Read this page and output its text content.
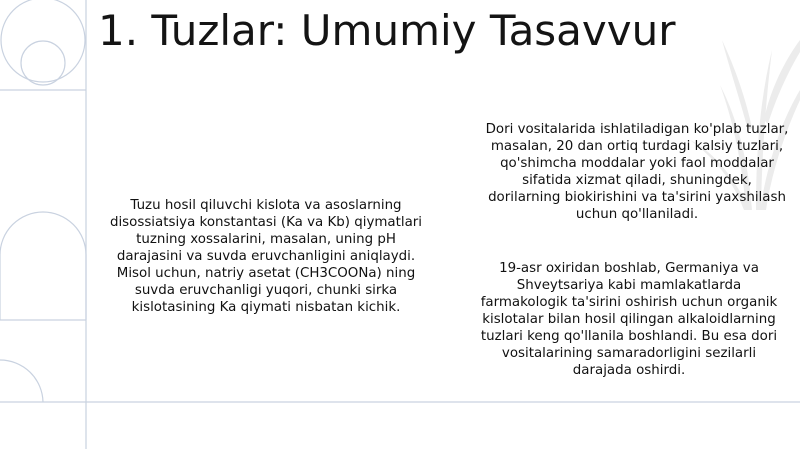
1. Tuzlar: Umumiy Tasavvur
Tuzu hosil qiluvchi kislota va asoslarning
disossiatsiya konstantasi (Ka va Kb) qiymatlari
tuzning xossalarini, masalan, uning pH
darajasini va suvda eruvchanligini aniqlaydi.
Misol uchun, natriy asetat (CH3COONa) ning
suvda eruvchanligi yuqori, chunki sirka
kislotasining Ka qiymati nisbatan kichik.
Dori vositalarida ishlatiladigan ko'plab tuzlar,
masalan, 20 dan ortiq turdagi kalsiy tuzlari,
qo'shimcha moddalar yoki faol moddalar
sifatida xizmat qiladi, shuningdek,
dorilarning biokirishini va ta'sirini yaxshilash
uchun qo'llaniladi.
19-asr oxiridan boshlab, Germaniya va
Shveytsariya kabi mamlakatlarda
farmakologik ta'sirini oshirish uchun organik
kislotalar bilan hosil qilingan alkaloidlarning
tuzlari keng qo'llanila boshlandi. Bu esa dori
vositalarining samaradorligini sezilarli
darajada oshirdi.
